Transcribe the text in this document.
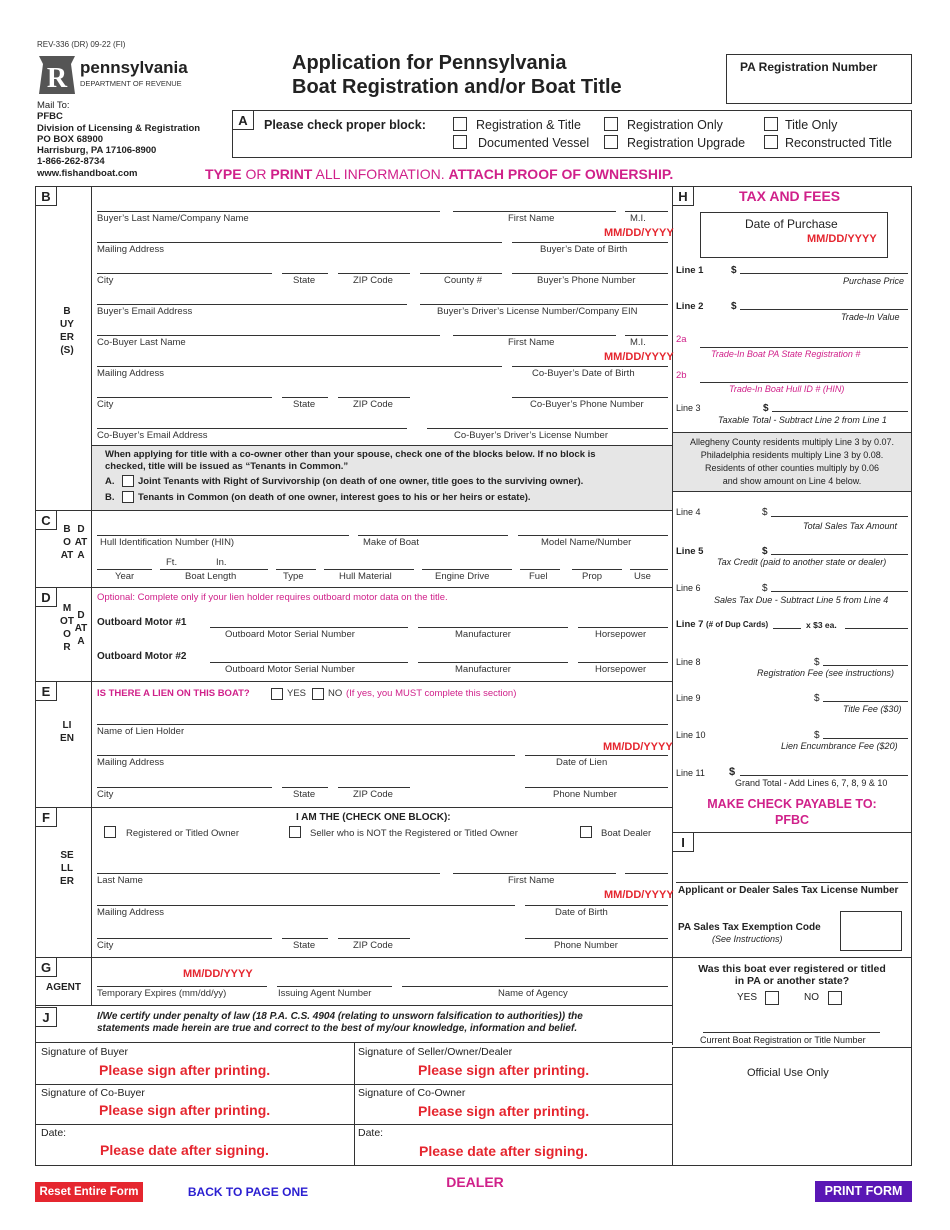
REV-336 (DR) 09-22 (FI)
R pennsylvania
DEPARTMENT OF REVENUE
Application for Pennsylvania
Boat Registration and/or Boat Title
PA Registration Number
Mail To:
PFBC
Division of Licensing & Registration
PO BOX 68900
Harrisburg, PA 17106-8900
1-866-262-8734
www.fishandboat.com
A	Please check proper block:	Registration & Title	Registration Only	Title Only
Documented Vessel	Registration Upgrade	Reconstructed Title
TYPE OR PRINT ALL INFORMATION. ATTACH PROOF OF OWNERSHIP.
B
BUYER(S)
Buyer’s Last Name/Company Name	First Name	M.I.
MM/DD/YYYY
Mailing Address	Buyer’s Date of Birth
City	State	ZIP Code	County #	Buyer’s Phone Number
Buyer’s Email Address	Buyer’s Driver’s License Number/Company EIN
Co-Buyer Last Name	First Name	M.I.
MM/DD/YYYY
Mailing Address	Co-Buyer’s Date of Birth
City	State	ZIP Code	Co-Buyer’s Phone Number
Co-Buyer’s Email Address	Co-Buyer’s Driver’s License Number
When applying for title with a co-owner other than your spouse, check one of the blocks below. If no block is
checked, title will be issued as “Tenants in Common.”
A. Joint Tenants with Right of Survivorship (on death of one owner, title goes to the surviving owner).
B. Tenants in Common (on death of one owner, interest goes to his or her heirs or estate).
C
BOAT
DATA
Hull Identification Number (HIN)	Make of Boat	Model Name/Number
Ft.	In.
Year	Boat Length	Type	Hull Material	Engine Drive	Fuel	Prop	Use
D
MOTOR
DATA
Optional: Complete only if your lien holder requires outboard motor data on the title.
Outboard Motor #1
Outboard Motor Serial Number	Manufacturer	Horsepower
Outboard Motor #2
Outboard Motor Serial Number	Manufacturer	Horsepower
E
LIEN
IS THERE A LIEN ON THIS BOAT?	YES NO (If yes, you MUST complete this section)
Name of Lien Holder
MM/DD/YYYY
Mailing Address	Date of Lien
City	State	ZIP Code	Phone Number
F
SELLER
I AM THE (CHECK ONE BLOCK):
Registered or Titled Owner	Seller who is NOT the Registered or Titled Owner	Boat Dealer
Last Name	First Name
MM/DD/YYYY
Mailing Address	Date of Birth
City	State	ZIP Code	Phone Number
G
AGENT
MM/DD/YYYY
Temporary Expires (mm/dd/yy)	Issuing Agent Number	Name of Agency
J	I/We certify under penalty of law (18 P.A. C.S. 4904 (relating to unsworn falsification to authorities)) the
statements made herein are true and correct to the best of my/our knowledge, information and belief.
Signature of Buyer
Please sign after printing.
Signature of Seller/Owner/Dealer
Please sign after printing.
Signature of Co-Buyer
Please sign after printing.
Signature of Co-Owner
Please sign after printing.
Date:
Please date after signing.
Date:
Please date after signing.
H	TAX AND FEES
Date of Purchase
MM/DD/YYYY
Line 1	$
Purchase Price
Line 2	$
Trade-In Value
2a
Trade-In Boat PA State Registration #
2b
Trade-In Boat Hull ID # (HIN)
Line 3	$
Taxable Total - Subtract Line 2 from Line 1
Allegheny County residents multiply Line 3 by 0.07.
Philadelphia residents multiply Line 3 by 0.08.
Residents of other counties multiply by 0.06
and show amount on Line 4 below.
Line 4	$
Total Sales Tax Amount
Line 5	$
Tax Credit (paid to another state or dealer)
Line 6	$
Sales Tax Due - Subtract Line 5 from Line 4
Line 7 (# of Dup Cards)	x $3 ea.
Line 8	$
Registration Fee (see instructions)
Line 9	$
Title Fee ($30)
Line 10	$
Lien Encumbrance Fee ($20)
Line 11 $
Grand Total - Add Lines 6, 7, 8, 9 & 10
MAKE CHECK PAYABLE TO:
PFBC
I
Applicant or Dealer Sales Tax License Number
PA Sales Tax Exemption Code
(See Instructions)
Was this boat ever registered or titled
in PA or another state?
YES	NO
Current Boat Registration or Title Number
Official Use Only
Reset Entire Form	BACK TO PAGE ONE
DEALER
PRINT FORM
